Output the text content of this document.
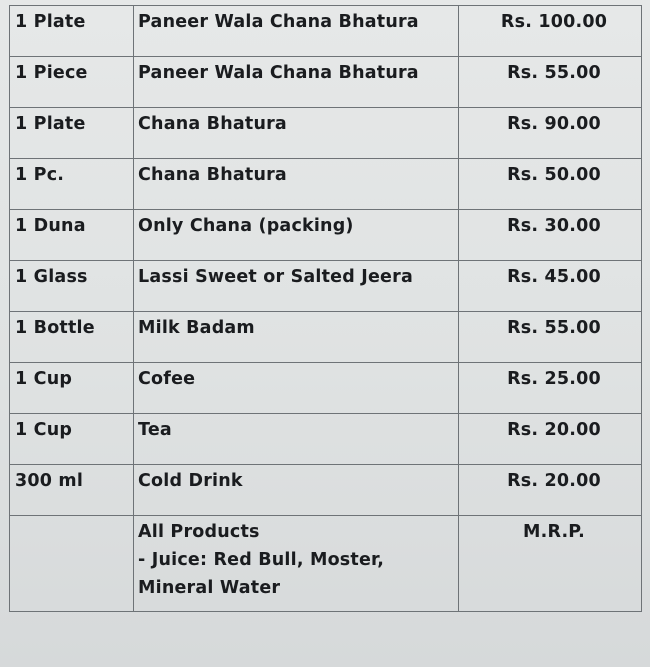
1 Plate	Paneer Wala Chana Bhatura	Rs. 100.00
1 Piece	Paneer Wala Chana Bhatura	Rs. 55.00
1 Plate	Chana Bhatura	Rs. 90.00
1 Pc.	Chana Bhatura	Rs. 50.00
1 Duna	Only Chana (packing)	Rs. 30.00
1 Glass	Lassi Sweet or Salted Jeera	Rs. 45.00
1 Bottle	Milk Badam	Rs. 55.00
1 Cup	Cofee	Rs. 25.00
1 Cup	Tea	Rs. 20.00
300 ml	Cold Drink	Rs. 20.00

	All Products
- Juice: Red Bull, Moster,
Mineral Water	M.R.P.
